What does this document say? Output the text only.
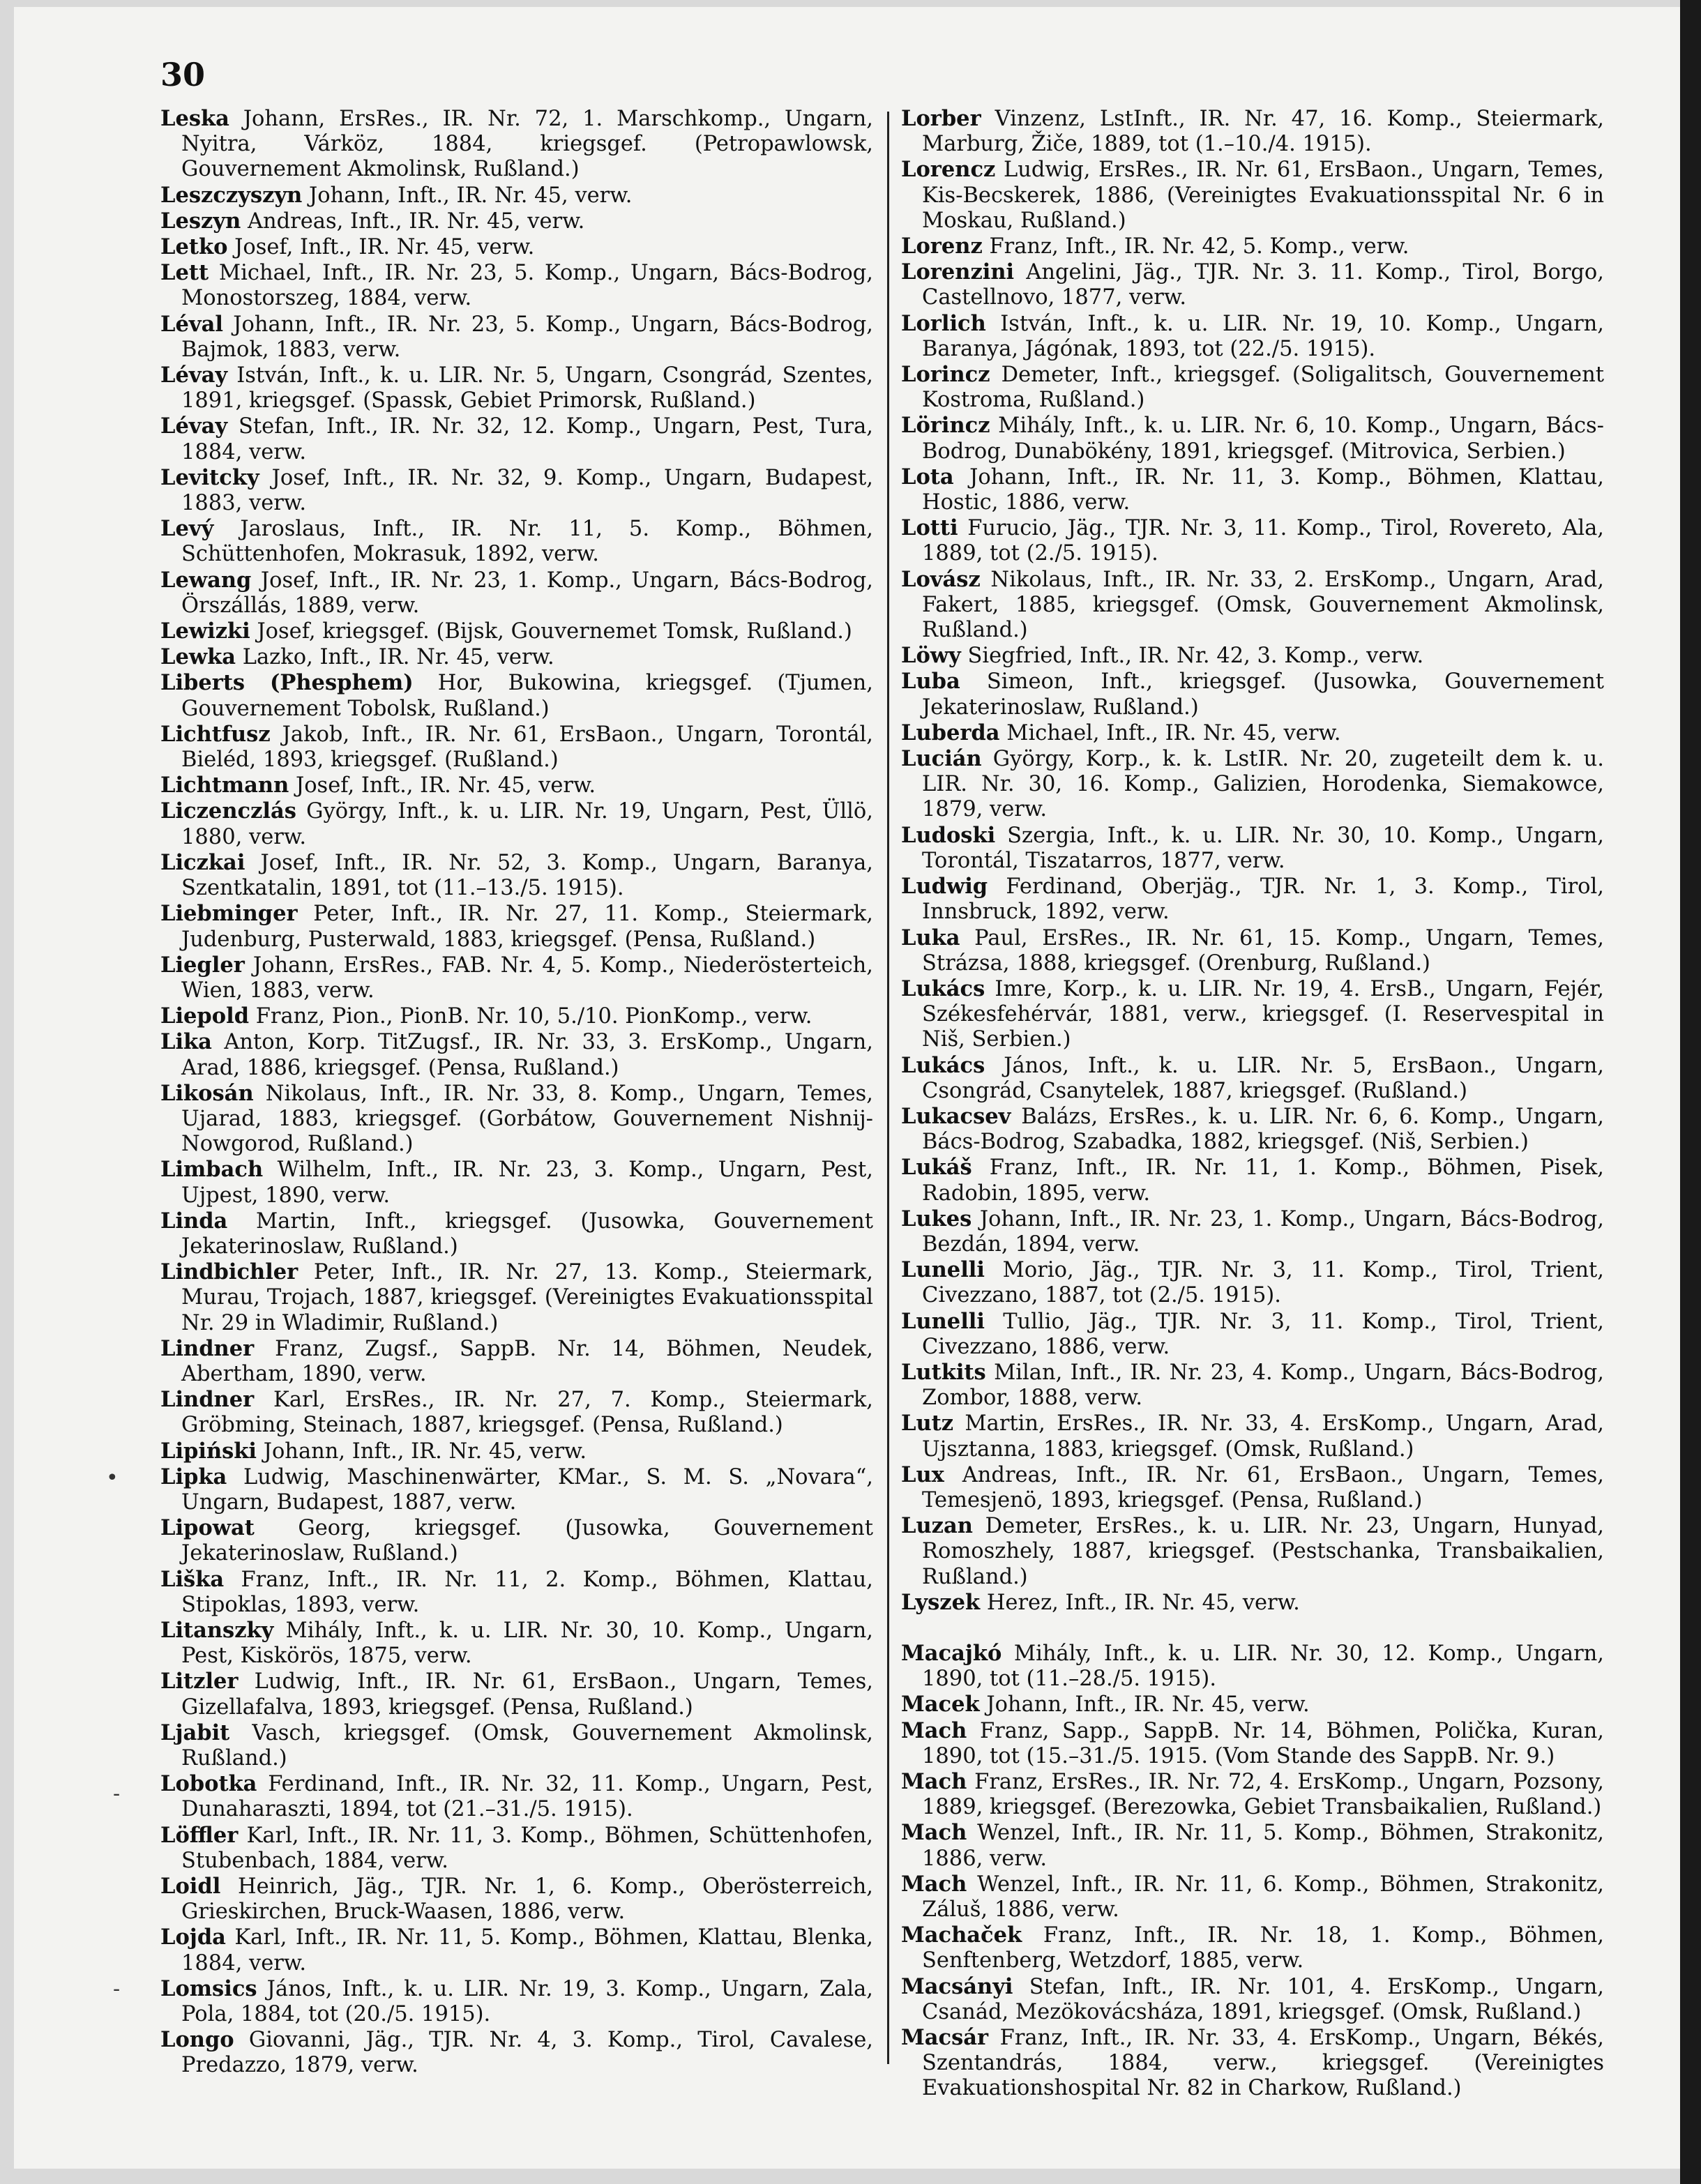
30

Leska Johann, ErsRes., IR. Nr. 72, 1. Marschkomp., Ungarn, Nyitra, Várköz, 1884, kriegsgef. (Petropawlowsk, Gouvernement Akmolinsk, Rußland.)

Leszczyszyn Johann, Inft., IR. Nr. 45, verw.

Leszyn Andreas, Inft., IR. Nr. 45, verw.

Letko Josef, Inft., IR. Nr. 45, verw.

Lett Michael, Inft., IR. Nr. 23, 5. Komp., Ungarn, Bács-Bodrog, Monostorszeg, 1884, verw.

Léval Johann, Inft., IR. Nr. 23, 5. Komp., Ungarn, Bács-Bodrog, Bajmok, 1883, verw.

Lévay István, Inft., k. u. LIR. Nr. 5, Ungarn, Csongrád, Szentes, 1891, kriegsgef. (Spassk, Gebiet Primorsk, Rußland.)

Lévay Stefan, Inft., IR. Nr. 32, 12. Komp., Ungarn, Pest, Tura, 1884, verw.

Levitcky Josef, Inft., IR. Nr. 32, 9. Komp., Ungarn, Budapest, 1883, verw.

Levý Jaroslaus, Inft., IR. Nr. 11, 5. Komp., Böhmen, Schüttenhofen, Mokrasuk, 1892, verw.

Lewang Josef, Inft., IR. Nr. 23, 1. Komp., Ungarn, Bács-Bodrog, Örszállás, 1889, verw.

Lewizki Josef, kriegsgef. (Bijsk, Gouvernemet Tomsk, Rußland.)

Lewka Lazko, Inft., IR. Nr. 45, verw.

Liberts (Phesphem) Hor, Bukowina, kriegsgef. (Tjumen, Gouvernement Tobolsk, Rußland.)

Lichtfusz Jakob, Inft., IR. Nr. 61, ErsBaon., Ungarn, Torontál, Bieléd, 1893, kriegsgef. (Rußland.)

Lichtmann Josef, Inft., IR. Nr. 45, verw.

Liczenczlás György, Inft., k. u. LIR. Nr. 19, Ungarn, Pest, Üllö, 1880, verw.

Liczkai Josef, Inft., IR. Nr. 52, 3. Komp., Ungarn, Baranya, Szentkatalin, 1891, tot (11.–13./5. 1915).

Liebminger Peter, Inft., IR. Nr. 27, 11. Komp., Steiermark, Judenburg, Pusterwald, 1883, kriegsgef. (Pensa, Rußland.)

Liegler Johann, ErsRes., FAB. Nr. 4, 5. Komp., Niederösterteich, Wien, 1883, verw.

Liepold Franz, Pion., PionB. Nr. 10, 5./10. PionKomp., verw.

Lika Anton, Korp. TitZugsf., IR. Nr. 33, 3. ErsKomp., Ungarn, Arad, 1886, kriegsgef. (Pensa, Rußland.)

Likosán Nikolaus, Inft., IR. Nr. 33, 8. Komp., Ungarn, Temes, Ujarad, 1883, kriegsgef. (Gorbátow, Gouvernement Nishnij-Nowgorod, Rußland.)

Limbach Wilhelm, Inft., IR. Nr. 23, 3. Komp., Ungarn, Pest, Ujpest, 1890, verw.

Linda Martin, Inft., kriegsgef. (Jusowka, Gouvernement Jekaterinoslaw, Rußland.)

Lindbichler Peter, Inft., IR. Nr. 27, 13. Komp., Steiermark, Murau, Trojach, 1887, kriegsgef. (Vereinigtes Evakuationsspital Nr. 29 in Wladimir, Rußland.)

Lindner Franz, Zugsf., SappB. Nr. 14, Böhmen, Neudek, Abertham, 1890, verw.

Lindner Karl, ErsRes., IR. Nr. 27, 7. Komp., Steiermark, Gröbming, Steinach, 1887, kriegsgef. (Pensa, Rußland.)

Lipiński Johann, Inft., IR. Nr. 45, verw.

Lipka Ludwig, Maschinenwärter, KMar., S. M. S. „Novara“, Ungarn, Budapest, 1887, verw.

Lipowat Georg, kriegsgef. (Jusowka, Gouvernement Jekaterinoslaw, Rußland.)

Liška Franz, Inft., IR. Nr. 11, 2. Komp., Böhmen, Klattau, Stipoklas, 1893, verw.

Litanszky Mihály, Inft., k. u. LIR. Nr. 30, 10. Komp., Ungarn, Pest, Kiskörös, 1875, verw.

Litzler Ludwig, Inft., IR. Nr. 61, ErsBaon., Ungarn, Temes, Gizellafalva, 1893, kriegsgef. (Pensa, Rußland.)

Ljabit Vasch, kriegsgef. (Omsk, Gouvernement Akmolinsk, Rußland.)

Lobotka Ferdinand, Inft., IR. Nr. 32, 11. Komp., Ungarn, Pest, Dunaharaszti, 1894, tot (21.–31./5. 1915).

Löffler Karl, Inft., IR. Nr. 11, 3. Komp., Böhmen, Schüttenhofen, Stubenbach, 1884, verw.

Loidl Heinrich, Jäg., TJR. Nr. 1, 6. Komp., Oberösterreich, Grieskirchen, Bruck-Waasen, 1886, verw.

Lojda Karl, Inft., IR. Nr. 11, 5. Komp., Böhmen, Klattau, Blenka, 1884, verw.

Lomsics János, Inft., k. u. LIR. Nr. 19, 3. Komp., Ungarn, Zala, Pola, 1884, tot (20./5. 1915).

Longo Giovanni, Jäg., TJR. Nr. 4, 3. Komp., Tirol, Cavalese, Predazzo, 1879, verw.

Lorber Vinzenz, LstInft., IR. Nr. 47, 16. Komp., Steiermark, Marburg, Žiče, 1889, tot (1.–10./4. 1915).

Lorencz Ludwig, ErsRes., IR. Nr. 61, ErsBaon., Ungarn, Temes, Kis-Becskerek, 1886, (Vereinigtes Evakuationsspital Nr. 6 in Moskau, Rußland.)

Lorenz Franz, Inft., IR. Nr. 42, 5. Komp., verw.

Lorenzini Angelini, Jäg., TJR. Nr. 3. 11. Komp., Tirol, Borgo, Castellnovo, 1877, verw.

Lorlich István, Inft., k. u. LIR. Nr. 19, 10. Komp., Ungarn, Baranya, Jágónak, 1893, tot (22./5. 1915).

Lorincz Demeter, Inft., kriegsgef. (Soligalitsch, Gouvernement Kostroma, Rußland.)

Lörincz Mihály, Inft., k. u. LIR. Nr. 6, 10. Komp., Ungarn, Bács-Bodrog, Dunabökény, 1891, kriegsgef. (Mitrovica, Serbien.)

Lota Johann, Inft., IR. Nr. 11, 3. Komp., Böhmen, Klattau, Hostic, 1886, verw.

Lotti Furucio, Jäg., TJR. Nr. 3, 11. Komp., Tirol, Rovereto, Ala, 1889, tot (2./5. 1915).

Lovász Nikolaus, Inft., IR. Nr. 33, 2. ErsKomp., Ungarn, Arad, Fakert, 1885, kriegsgef. (Omsk, Gouvernement Akmolinsk, Rußland.)

Löwy Siegfried, Inft., IR. Nr. 42, 3. Komp., verw.

Luba Simeon, Inft., kriegsgef. (Jusowka, Gouvernement Jekaterinoslaw, Rußland.)

Luberda Michael, Inft., IR. Nr. 45, verw.

Lucián György, Korp., k. k. LstIR. Nr. 20, zugeteilt dem k. u. LIR. Nr. 30, 16. Komp., Galizien, Horodenka, Siemakowce, 1879, verw.

Ludoski Szergia, Inft., k. u. LIR. Nr. 30, 10. Komp., Ungarn, Torontál, Tiszatarros, 1877, verw.

Ludwig Ferdinand, Oberjäg., TJR. Nr. 1, 3. Komp., Tirol, Innsbruck, 1892, verw.

Luka Paul, ErsRes., IR. Nr. 61, 15. Komp., Ungarn, Temes, Strázsa, 1888, kriegsgef. (Orenburg, Rußland.)

Lukács Imre, Korp., k. u. LIR. Nr. 19, 4. ErsB., Ungarn, Fejér, Székesfehérvár, 1881, verw., kriegsgef. (I. Reservespital in Niš, Serbien.)

Lukács János, Inft., k. u. LIR. Nr. 5, ErsBaon., Ungarn, Csongrád, Csanytelek, 1887, kriegsgef. (Rußland.)

Lukacsev Balázs, ErsRes., k. u. LIR. Nr. 6, 6. Komp., Ungarn, Bács-Bodrog, Szabadka, 1882, kriegsgef. (Niš, Serbien.)

Lukáš Franz, Inft., IR. Nr. 11, 1. Komp., Böhmen, Pisek, Radobin, 1895, verw.

Lukes Johann, Inft., IR. Nr. 23, 1. Komp., Ungarn, Bács-Bodrog, Bezdán, 1894, verw.

Lunelli Morio, Jäg., TJR. Nr. 3, 11. Komp., Tirol, Trient, Civezzano, 1887, tot (2./5. 1915).

Lunelli Tullio, Jäg., TJR. Nr. 3, 11. Komp., Tirol, Trient, Civezzano, 1886, verw.

Lutkits Milan, Inft., IR. Nr. 23, 4. Komp., Ungarn, Bács-Bodrog, Zombor, 1888, verw.

Lutz Martin, ErsRes., IR. Nr. 33, 4. ErsKomp., Ungarn, Arad, Ujsztanna, 1883, kriegsgef. (Omsk, Rußland.)

Lux Andreas, Inft., IR. Nr. 61, ErsBaon., Ungarn, Temes, Temesjenö, 1893, kriegsgef. (Pensa, Rußland.)

Luzan Demeter, ErsRes., k. u. LIR. Nr. 23, Ungarn, Hunyad, Romoszhely, 1887, kriegsgef. (Pestschanka, Transbaikalien, Rußland.)

Lyszek Herez, Inft., IR. Nr. 45, verw.

Macajkó Mihály, Inft., k. u. LIR. Nr. 30, 12. Komp., Ungarn, 1890, tot (11.–28./5. 1915).

Macek Johann, Inft., IR. Nr. 45, verw.

Mach Franz, Sapp., SappB. Nr. 14, Böhmen, Polička, Kuran, 1890, tot (15.–31./5. 1915. (Vom Stande des SappB. Nr. 9.)

Mach Franz, ErsRes., IR. Nr. 72, 4. ErsKomp., Ungarn, Pozsony, 1889, kriegsgef. (Berezowka, Gebiet Transbaikalien, Rußland.)

Mach Wenzel, Inft., IR. Nr. 11, 5. Komp., Böhmen, Strakonitz, 1886, verw.

Mach Wenzel, Inft., IR. Nr. 11, 6. Komp., Böhmen, Strakonitz, Záluš, 1886, verw.

Machaček Franz, Inft., IR. Nr. 18, 1. Komp., Böhmen, Senftenberg, Wetzdorf, 1885, verw.

Macsányi Stefan, Inft., IR. Nr. 101, 4. ErsKomp., Ungarn, Csanád, Mezökovácsháza, 1891, kriegsgef. (Omsk, Rußland.)

Macsár Franz, Inft., IR. Nr. 33, 4. ErsKomp., Ungarn, Békés, Szentandrás, 1884, verw., kriegsgef. (Vereinigtes Evakuationshospital Nr. 82 in Charkow, Rußland.)

•
-
-
